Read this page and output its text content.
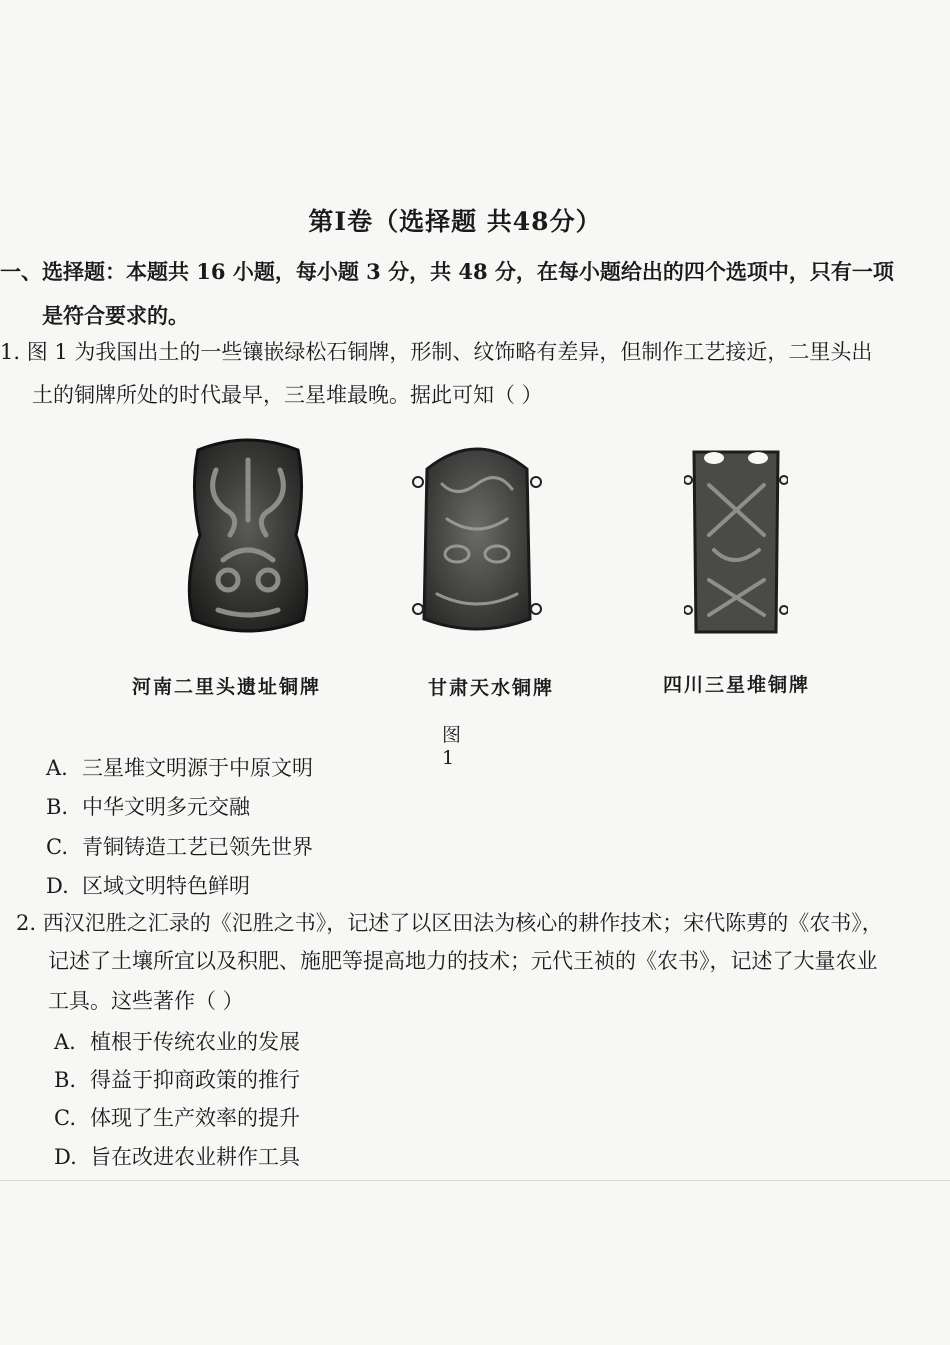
第Ⅰ卷（选择题 共48分）
一、选择题：本题共 16 小题，每小题 3 分，共 48 分，在每小题给出的四个选项中，只有一项
是符合要求的。
1. 图 1 为我国出土的一些镶嵌绿松石铜牌，形制、纹饰略有差异，但制作工艺接近，二里头出
土的铜牌所处的时代最早，三星堆最晚。据此可知（ ）
河南二里头遗址铜牌	甘肃天水铜牌	四川三星堆铜牌
图 1
A. 三星堆文明源于中原文明
B. 中华文明多元交融
C. 青铜铸造工艺已领先世界
D. 区域文明特色鲜明
2. 西汉氾胜之汇录的《氾胜之书》，记述了以区田法为核心的耕作技术；宋代陈旉的《农书》，
记述了土壤所宜以及积肥、施肥等提高地力的技术；元代王祯的《农书》，记述了大量农业
工具。这些著作（ ）
A. 植根于传统农业的发展
B. 得益于抑商政策的推行
C. 体现了生产效率的提升
D. 旨在改进农业耕作工具
